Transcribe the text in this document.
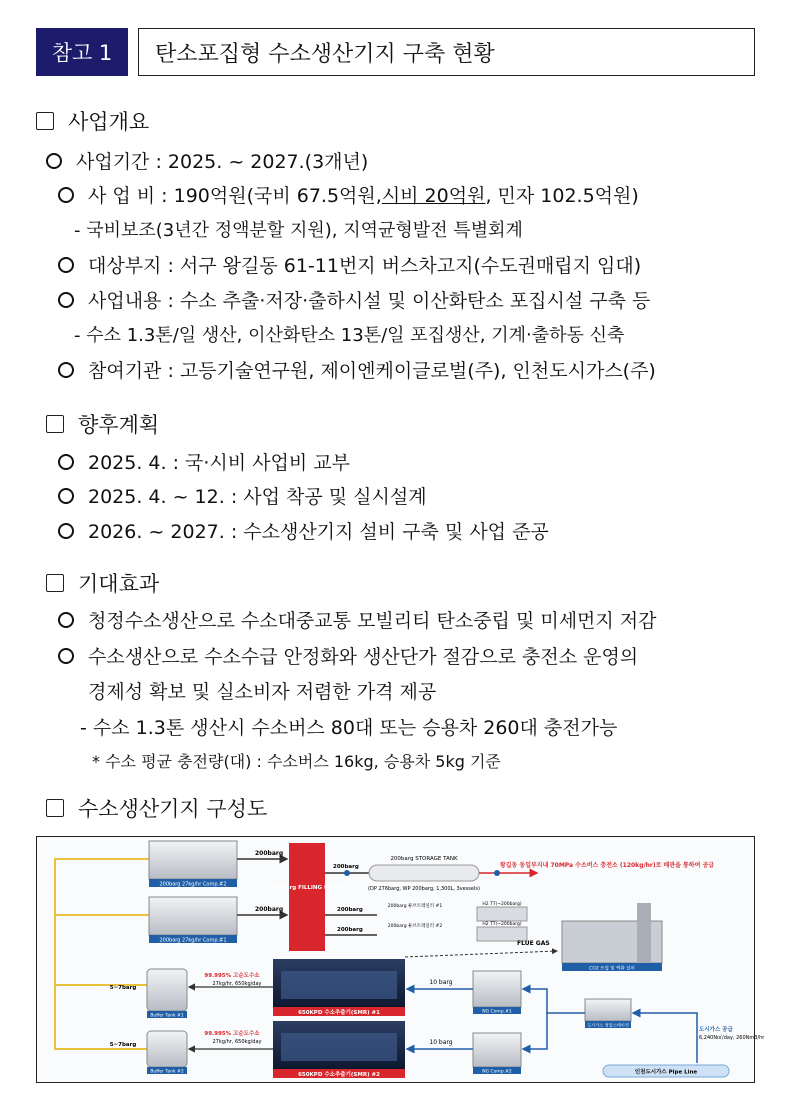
참고 1	탄소포집형 수소생산기지 구축 현황
사업개요
사업기간 : 2025. ~ 2027.(3개년)
사 업 비 : 190억원(국비 67.5억원, 시비 20억원 , 민자 102.5억원)
- 국비보조(3년간 정액분할 지원), 지역균형발전 특별회계
대상부지 : 서구 왕길동 61-11번지 버스차고지(수도권매립지 임대)
사업내용 : 수소 추출·저장·출하시설 및 이산화탄소 포집시설 구축 등
- 수소 1.3톤/일 생산, 이산화탄소 13톤/일 포집생산, 기계‧출하동 신축
참여기관 : 고등기술연구원, 제이엔케이글로벌(주), 인천도시가스(주)
향후계획
2025. 4. : 국‧시비 사업비 교부
2025. 4. ~ 12. : 사업 착공 및 실시설계
2026. ~ 2027. : 수소생산기지 설비 구축 및 사업 준공
기대효과
청정수소생산으로 수소대중교통 모빌리티 탄소중립 및 미세먼지 저감
수소생산으로 수소수급 안정화와 생산단가 절감으로 충전소 운영의
경제성 확보 및 실소비자 저렴한 가격 제공
- 수소 1.3톤 생산시 수소버스 80대 또는 승용차 260대 충전가능
* 수소 평균 충전량(대) : 수소버스 16kg, 승용차 5kg 기준
수소생산기지 구성도
200barg 27kg/hr Comp.#2
200barg 27kg/hr Comp.#1
200barg
200barg
200barg FILLING PANEL
200barg
200barg STORAGE TANK
(DP 276barg, WP 200barg, 1,300L, 3vessels)
왕길동 동일부지내 70MPa 수소버스 충전소 (120kg/hr)로 배관을 통하여 공급
200barg
200barg 튜브트레일러 #1
200barg
200barg 튜브트레일러 #2
H2 TT(~200barg)
H2 TT(~200barg)
CO2 포집 및 액화 설비
FLUE GAS
Buffer Tank #1
Buffer Tank #2
5~7barg
5~7barg
99.995% 고순도수소
27kg/hr, 650kg/day
99.995% 고순도수소
27kg/hr, 650kg/day
650KPD 수소추출기(SMR) #1
650KPD 수소추출기(SMR) #2
NG Comp.#1
NG Comp.#2
10 barg
10 barg
도시가스 정압스테이션
도시가스 공급
6,240N㎥/day, 260Nm3/hr
인천도시가스 Pipe Line
